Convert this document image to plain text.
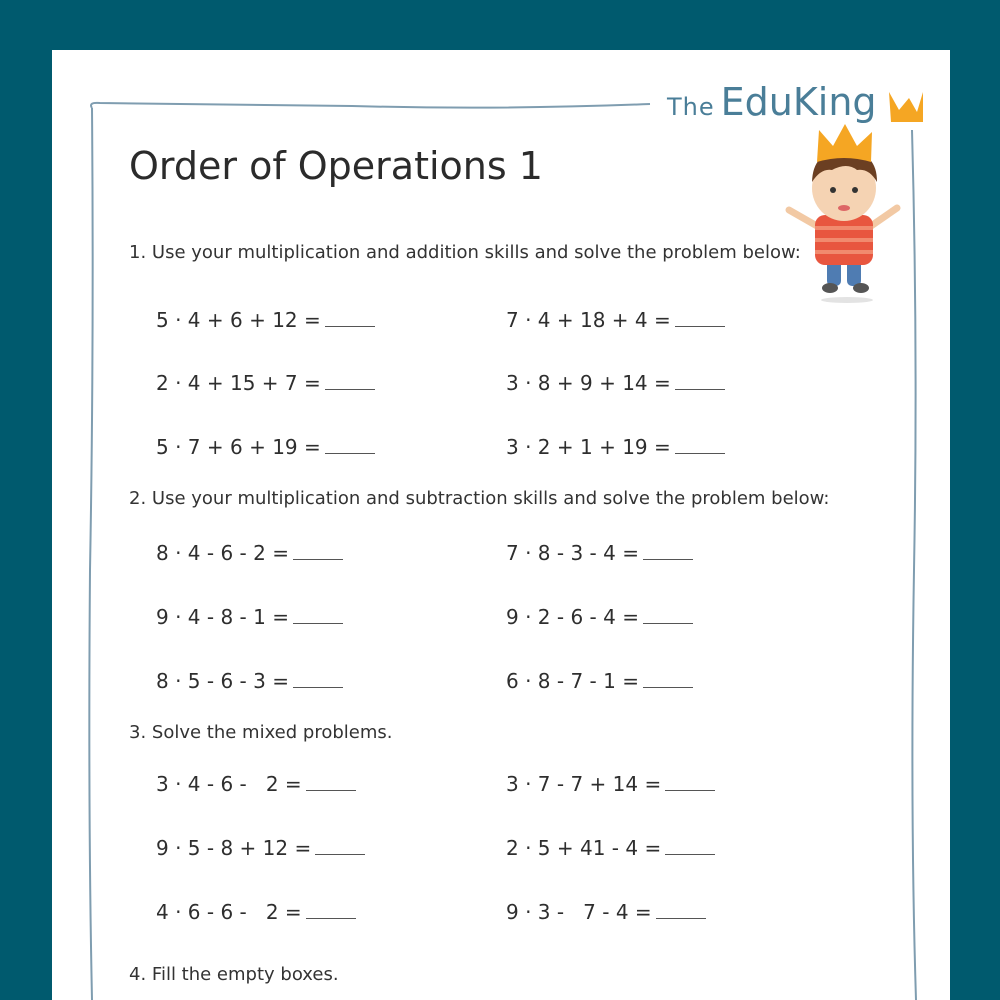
The EduKing
Order of Operations 1
1. Use your multiplication and addition skills and solve the problem below:
5 · 4 + 6 + 12 =	7 · 4 + 18 + 4 =
2 · 4 + 15 + 7 =	3 · 8 + 9 + 14 =
5 · 7 + 6 + 19 =	3 · 2 + 1 + 19 =
2. Use your multiplication and subtraction skills and solve the problem below:
8 · 4 - 6 - 2 =	7 · 8 - 3 - 4 =
9 · 4 - 8 - 1 =	9 · 2 - 6 - 4 =
8 · 5 - 6 - 3 =	6 · 8 - 7 - 1 =
3. Solve the mixed problems.
3 · 4 - 6 -   2 =	3 · 7 - 7 + 14 =
9 · 5 - 8 + 12 =	2 · 5 + 41 - 4 =
4 · 6 - 6 -   2 =	9 · 3 -   7 - 4 =
4. Fill the empty boxes.
